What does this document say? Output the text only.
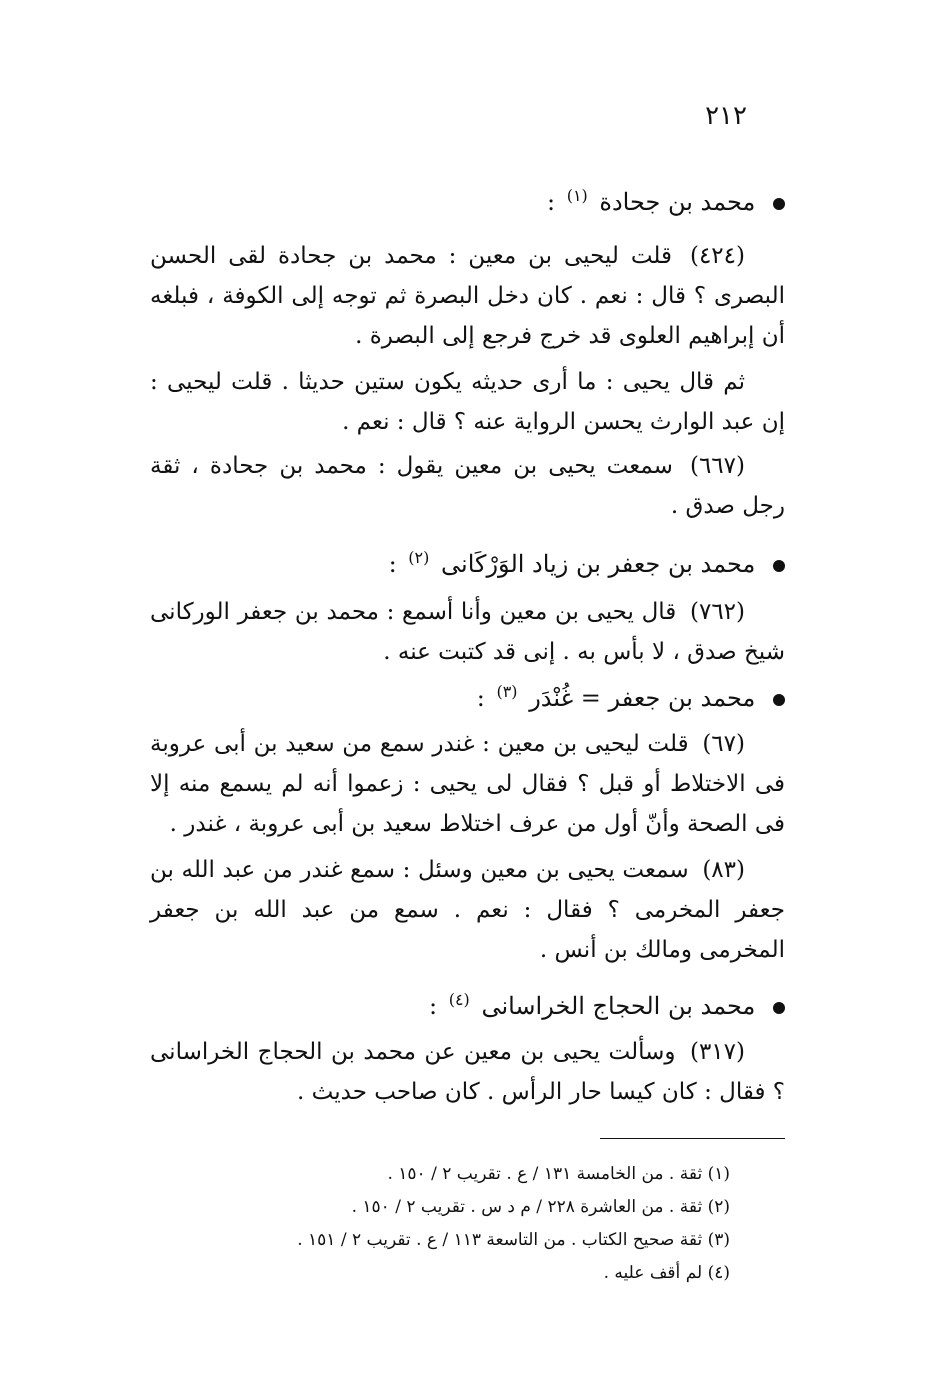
٢١٢

محمد بن جحادة $^{(١)}$ :

(٤٢٤) قلت ليحيى بن معين : محمد بن جحادة لقى الحسن البصرى ؟ قال : نعم . كان دخل البصرة ثم توجه إلى الكوفة ، فبلغه أن إبراهيم العلوى قد خرج فرجع إلى البصرة .

ثم قال يحيى : ما أرى حديثه يكون ستين حديثا . قلت ليحيى : إن عبد الوارث يحسن الرواية عنه ؟ قال : نعم .

(٦٦٧) سمعت يحيى بن معين يقول : محمد بن جحادة ، ثقة رجل صدق .

محمد بن جعفر بن زياد الوَرْكَانى $^{(٢)}$ :

(٧٦٢) قال يحيى بن معين وأنا أسمع : محمد بن جعفر الوركانى شيخ صدق ، لا بأس به . إنى قد كتبت عنه .

محمد بن جعفر = غُنْدَر $^{(٣)}$ :

(٦٧) قلت ليحيى بن معين : غندر سمع من سعيد بن أبى عروبة فى الاختلاط أو قبل ؟ فقال لى يحيى : زعموا أنه لم يسمع منه إلا فى الصحة وأنّ أول من عرف اختلاط سعيد بن أبى عروبة ، غندر .

(٨٣) سمعت يحيى بن معين وسئل : سمع غندر من عبد الله بن جعفر المخرمى ؟ فقال : نعم . سمع من عبد الله بن جعفر المخرمى ومالك بن أنس .

محمد بن الحجاج الخراسانى $^{(٤)}$ :

(٣١٧) وسألت يحيى بن معين عن محمد بن الحجاج الخراسانى ؟ فقال : كان كيسا حار الرأس . كان صاحب حديث .

(١) ثقة . من الخامسة ١٣١ / ع . تقريب ٢ / ١٥٠ .

(٢) ثقة . من العاشرة ٢٢٨ / م د س . تقريب ٢ / ١٥٠ .

(٣) ثقة صحيح الكتاب . من التاسعة ١١٣ / ع . تقريب ٢ / ١٥١ .

(٤) لم أقف عليه .
